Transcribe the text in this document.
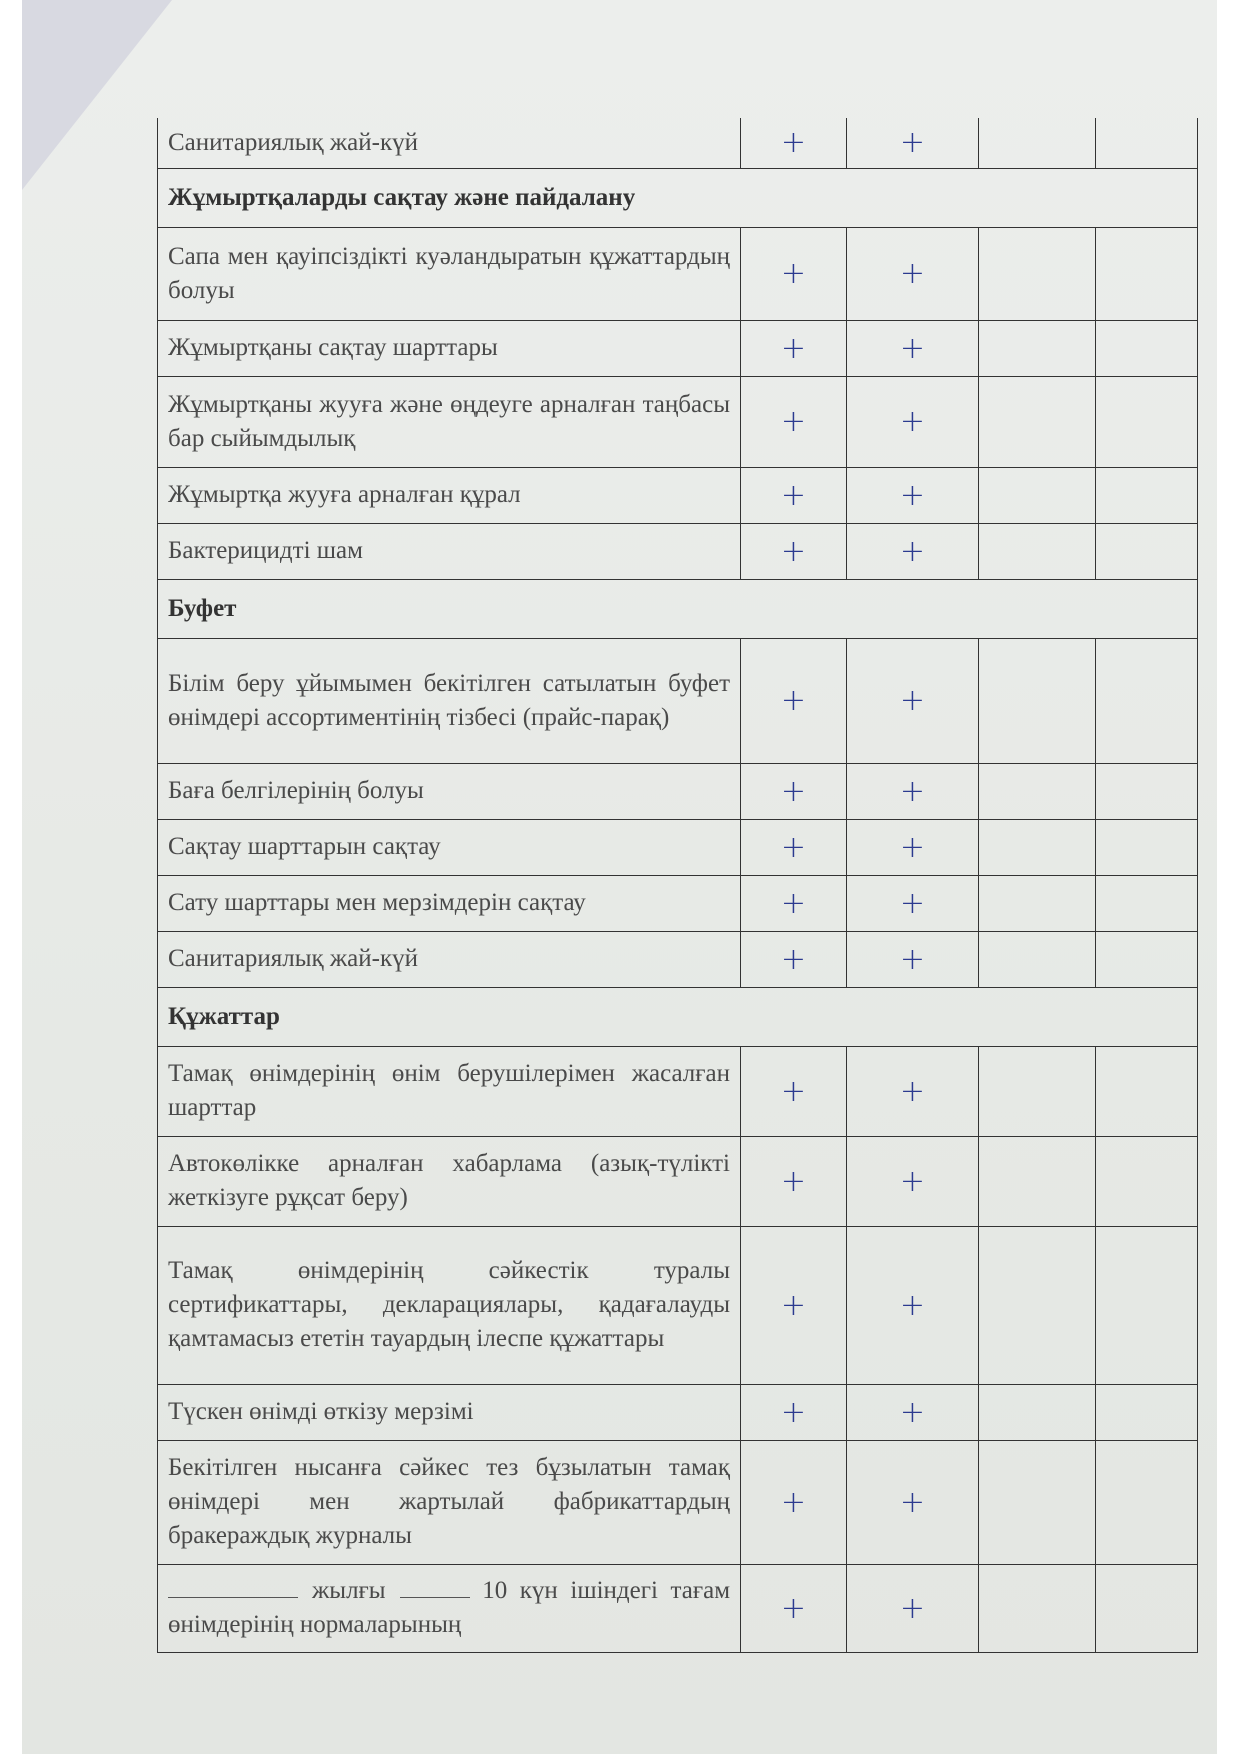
Санитариялық жай-күй	+	+		
Жұмыртқаларды сақтау және пайдалану				
Сапа мен қауіпсіздікті куәландыратын құжаттардың болуы	+	+		
Жұмыртқаны сақтау шарттары	+	+		
Жұмыртқаны жууға және өңдеуге арналған таңбасы бар сыйымдылық	+	+		
Жұмыртқа жууға арналған құрал	+	+		
Бактерицидті шам	+	+		
Буфет				
Білім беру ұйымымен бекітілген сатылатын буфет өнімдері ассортиментінің тізбесі (прайс-парақ)	+	+		
Баға белгілерінің болуы	+	+		
Сақтау шарттарын сақтау	+	+		
Сату шарттары мен мерзімдерін сақтау	+	+		
Санитариялық жай-күй	+	+		
Құжаттар				
Тамақ өнімдерінің өнім берушілерімен жасалған шарттар	+	+		
Автокөлікке арналған хабарлама (азық-түлікті жеткізуге рұқсат беру)	+	+		
Тамақ өнімдерінің сәйкестік туралы сертификаттары, декларациялары, қадағалауды қамтамасыз ететін тауардың ілеспе құжаттары	+	+		
Түскен өнімді өткізу мерзімі	+	+		
Бекітілген нысанға сәйкес тез бұзылатын тамақ өнімдері мен жартылай фабрикаттардың бракераждық журналы	+	+		
жылғы 10 күн ішіндегі тағам өнімдерінің нормаларының	+	+		
